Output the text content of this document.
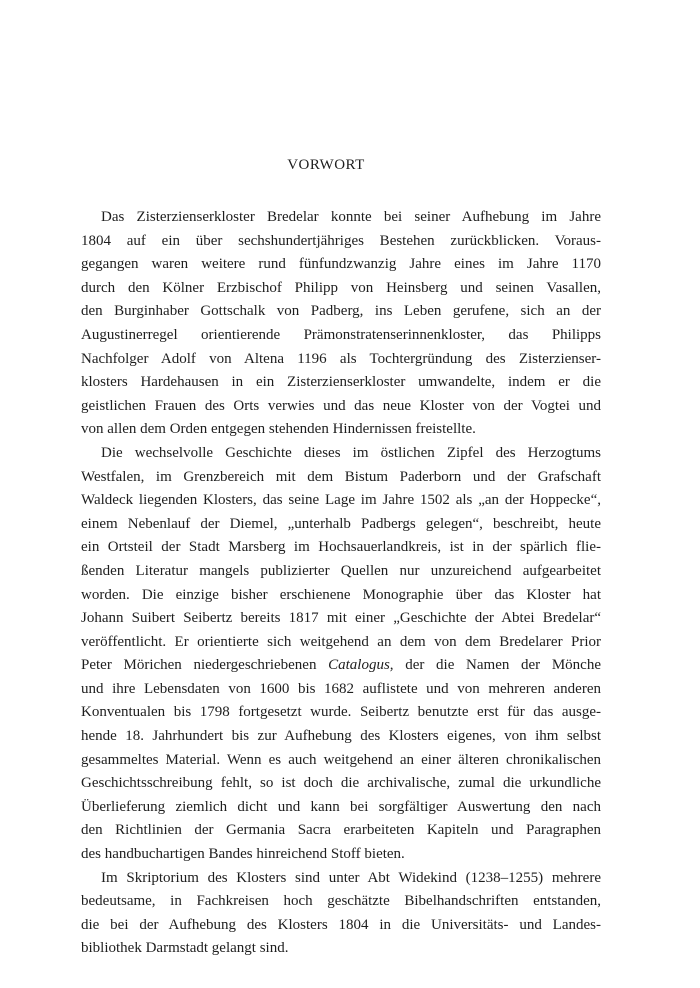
VORWORT
Das Zisterzienserkloster Bredelar konnte bei seiner Aufhebung im Jahre
1804 auf ein über sechshundertjähriges Bestehen zurückblicken. Voraus-
gegangen waren weitere rund fünfundzwanzig Jahre eines im Jahre 1170
durch den Kölner Erzbischof Philipp von Heinsberg und seinen Vasallen,
den Burginhaber Gottschalk von Padberg, ins Leben gerufene, sich an der
Augustinerregel orientierende Prämonstratenserinnenkloster, das Philipps
Nachfolger Adolf von Altena 1196 als Tochtergründung des Zisterzienser-
klosters Hardehausen in ein Zisterzienserkloster umwandelte, indem er die
geistlichen Frauen des Orts verwies und das neue Kloster von der Vogtei und
von allen dem Orden entgegen stehenden Hindernissen freistellte.
Die wechselvolle Geschichte dieses im östlichen Zipfel des Herzogtums
Westfalen, im Grenzbereich mit dem Bistum Paderborn und der Grafschaft
Waldeck liegenden Klosters, das seine Lage im Jahre 1502 als „an der Hoppecke“,
einem Nebenlauf der Diemel, „unterhalb Padbergs gelegen“, beschreibt, heute
ein Ortsteil der Stadt Marsberg im Hochsauerlandkreis, ist in der spärlich flie-
ßenden Literatur mangels publizierter Quellen nur unzureichend aufgearbeitet
worden. Die einzige bisher erschienene Monographie über das Kloster hat
Johann Suibert Seibertz bereits 1817 mit einer „Geschichte der Abtei Bredelar“
veröffentlicht. Er orientierte sich weitgehend an dem von dem Bredelarer Prior
Peter Mörichen niedergeschriebenen Catalogus, der die Namen der Mönche
und ihre Lebensdaten von 1600 bis 1682 auflistete und von mehreren anderen
Konventualen bis 1798 fortgesetzt wurde. Seibertz benutzte erst für das ausge-
hende 18. Jahrhundert bis zur Aufhebung des Klosters eigenes, von ihm selbst
gesammeltes Material. Wenn es auch weitgehend an einer älteren chronikalischen
Geschichtsschreibung fehlt, so ist doch die archivalische, zumal die urkundliche
Überlieferung ziemlich dicht und kann bei sorgfältiger Auswertung den nach
den Richtlinien der Germania Sacra erarbeiteten Kapiteln und Paragraphen
des handbuchartigen Bandes hinreichend Stoff bieten.
Im Skriptorium des Klosters sind unter Abt Widekind (1238–1255) mehrere
bedeutsame, in Fachkreisen hoch geschätzte Bibelhandschriften entstanden,
die bei der Aufhebung des Klosters 1804 in die Universitäts- und Landes-
bibliothek Darmstadt gelangt sind.
